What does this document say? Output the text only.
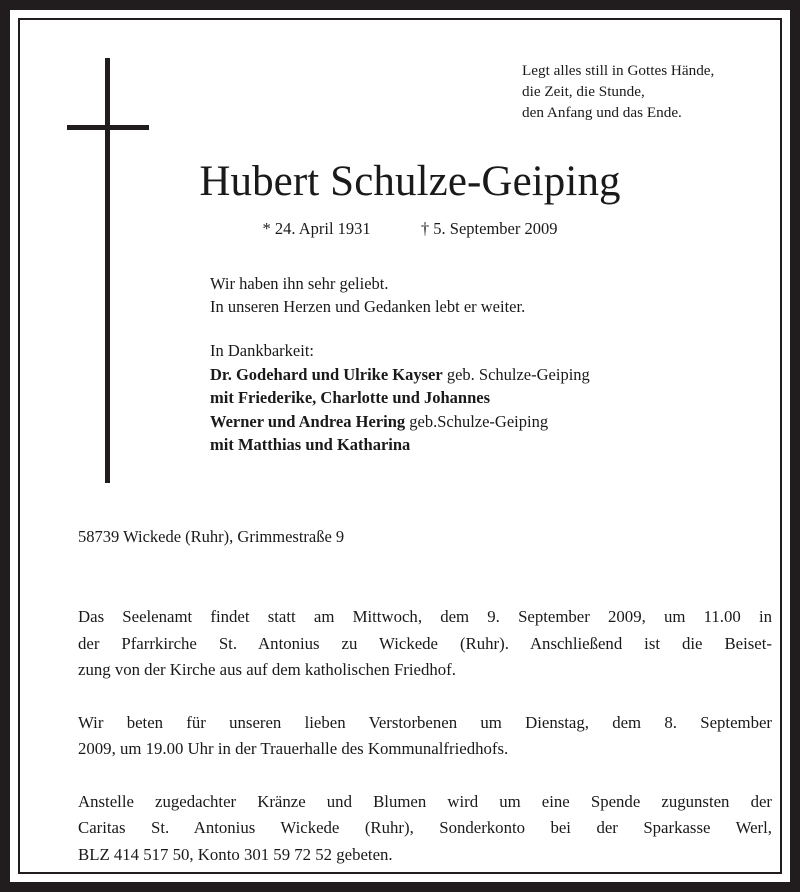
Legt alles still in Gottes Hände,
die Zeit, die Stunde,
den Anfang und das Ende.
Hubert Schulze-Geiping
* 24. April 1931	† 5. September 2009
Wir haben ihn sehr geliebt.
In unseren Herzen und Gedanken lebt er weiter.
In Dankbarkeit:
Dr. Godehard und Ulrike Kayser geb. Schulze-Geiping
mit Friederike, Charlotte und Johannes
Werner und Andrea Hering geb.Schulze-Geiping
mit Matthias und Katharina
58739 Wickede (Ruhr), Grimmestraße 9
Das Seelenamt findet statt am Mittwoch, dem 9. September 2009, um 11.00 in
der Pfarrkirche St. Antonius zu Wickede (Ruhr). Anschließend ist die Beiset-
zung von der Kirche aus auf dem katholischen Friedhof.
Wir beten für unseren lieben Verstorbenen um Dienstag, dem 8. September
2009, um 19.00 Uhr in der Trauerhalle des Kommunalfriedhofs.
Anstelle zugedachter Kränze und Blumen wird um eine Spende zugunsten der
Caritas St. Antonius Wickede (Ruhr), Sonderkonto bei der Sparkasse Werl,
BLZ 414 517 50, Konto 301 59 72 52 gebeten.
